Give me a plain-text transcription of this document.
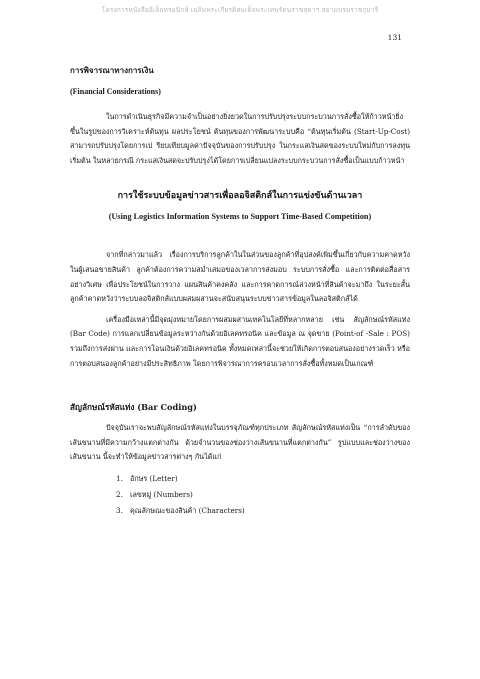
โครงการหนังสืออิเล็กทรอนิกส์ เฉลิมพระเกียรติสมเด็จพระเทพรัตนราชสุดาฯ สยามบรมราชกุมารี
131
การพิจารณาทางการเงิน
(Financial Considerations)

ในการดำเนินธุรกิจมีความจำเป็นอย่างยิ่งยวดในการปรับปรุงระบบกระบวนการสั่งซื้อให้ก้าวหน้ายิ่งขึ้นในรูปของการวิเคราะห์ต้นทุน ผลประโยชน์ ต้นทุนของการพัฒนาระบบคือ “ต้นทุนเริ่มต้น (Start-Up-Cost) สามารถปรับปรุงโดยการเป รียบเทียบมูลค่าปัจจุบันของการปรับปรุง ในกระแสเงินสดของระบบใหม่กับการลงทุนเริ่มต้น ในหลายกรณี กระแสเงินสดจะปรับปรุงได้โดยการเปลี่ยนแปลงระบบกระบวนการสั่งซื้อเป็นแบบก้าวหน้า

การใช้ระบบข้อมูลข่าวสารเพื่อลอจิสติกส์ในการแข่งขันด้านเวลา
(Using Logistics Information Systems to Support Time-Based Competition)

จากที่กล่าวมาแล้ว เรื่องการบริการลูกค้าในในส่วนของลูกค้าที่อุปสงค์เพิ่มขึ้นเกี่ยวกับความคาดหวังในผู้เสนอขายสินค้า ลูกค้าต้องการความสม่ำเสมอของเวลาการส่งมอบ ระบบการสั่งซื้อ และการติดต่อสื่อสารอย่างวิเศษ เพื่อประโยชน์ในการวาง แผนสินค้าคงคลัง และการคาดการณ์ล่วงหน้าที่สินค้าจะมาถึง ในระยะสั้น ลูกค้าคาดหวังว่าระบบลอจิสติกส์แบบผสมผสานจะสนับสนุนระบบข่าวสารข้อมูลในลอจิสติกส์ได้

เครื่องมือเหล่านี้มีจุดมุ่งหมายโดยการผสมผสานเทคโนโลยีที่หลากหลาย เช่น สัญลักษณ์รหัสแท่ง (Bar Code) การแลกเปลี่ยนข้อมูลระหว่างกันด้วยอิเลคทรอนิค และข้อมูล ณ จุดขาย (Point-of -Sale : POS) รวมถึงการส่งผ่าน และการโอนเงินด้วยอิเลคทรอนิค ทั้งหมดเหล่านี้จะช่วยให้เกิดการตอบสนองอย่างรวดเร็ว หรือการตอบสนองลูกค้าอย่างมีประสิทธิภาพ โดยการพิจารณาการครอบเวลาการสั่งซื้อทั้งหมดเป็นเกณฑ์

สัญลักษณ์รหัสแท่ง (Bar Coding)

ปัจจุบันเราจะพบสัญลักษณ์รหัสแท่งในบรรจุภัณฑ์ทุกประเภท สัญลักษณ์รหัสแท่งเป็น “การลำดับของเส้นขนานที่มีความกว้างแตกต่างกัน ด้วยจำนวนของช่องว่างเส้นขนานที่แตกต่างกัน” รูปแบบและช่องว่างของเส้นขนาน นี้จะทำให้ข้อมูลข่าวสารต่างๆ กันได้แก่

1. อักษร (Letter)
2. เลขหมู่ (Numbers)
3. คุณลักษณะของสินค้า (Characters)
